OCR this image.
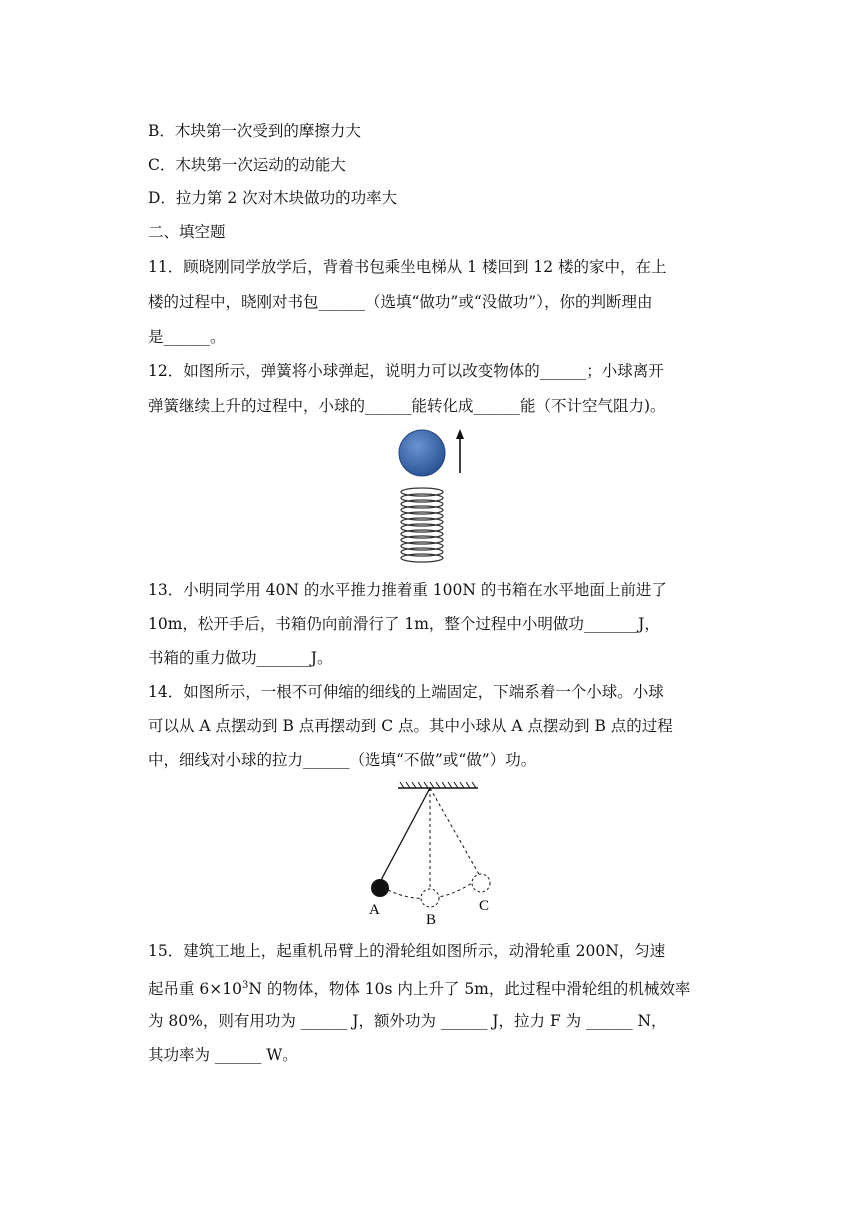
B．木块第一次受到的摩擦力大
C．木块第一次运动的动能大
D．拉力第 2 次对木块做功的功率大
二、填空题
11．顾晓刚同学放学后，背着书包乘坐电梯从 1 楼回到 12 楼的家中，在上
楼的过程中，晓刚对书包______（选填“做功”或“没做功”），你的判断理由
是______。
12．如图所示，弹簧将小球弹起，说明力可以改变物体的______；小球离开
弹簧继续上升的过程中，小球的______能转化成______能（不计空气阻力)。
13．小明同学用 40N 的水平推力推着重 100N 的书箱在水平地面上前进了
10m，松开手后，书箱仍向前滑行了 1m，整个过程中小明做功_______J，
书箱的重力做功_______J。
14．如图所示，一根不可伸缩的细线的上端固定，下端系着一个小球。小球
可以从 A 点摆动到 B 点再摆动到 C 点。其中小球从 A 点摆动到 B 点的过程
中，细线对小球的拉力______（选填“不做”或“做”）功。
A
B
C
15．建筑工地上，起重机吊臂上的滑轮组如图所示，动滑轮重 200N，匀速
起吊重 $6\times 10^3N$ 的物体，物体 10s 内上升了 5m，此过程中滑轮组的机械效率
为 80%，则有用功为 ______ J，额外功为 ______ J，拉力 F 为 ______ N，
其功率为 ______ W。
